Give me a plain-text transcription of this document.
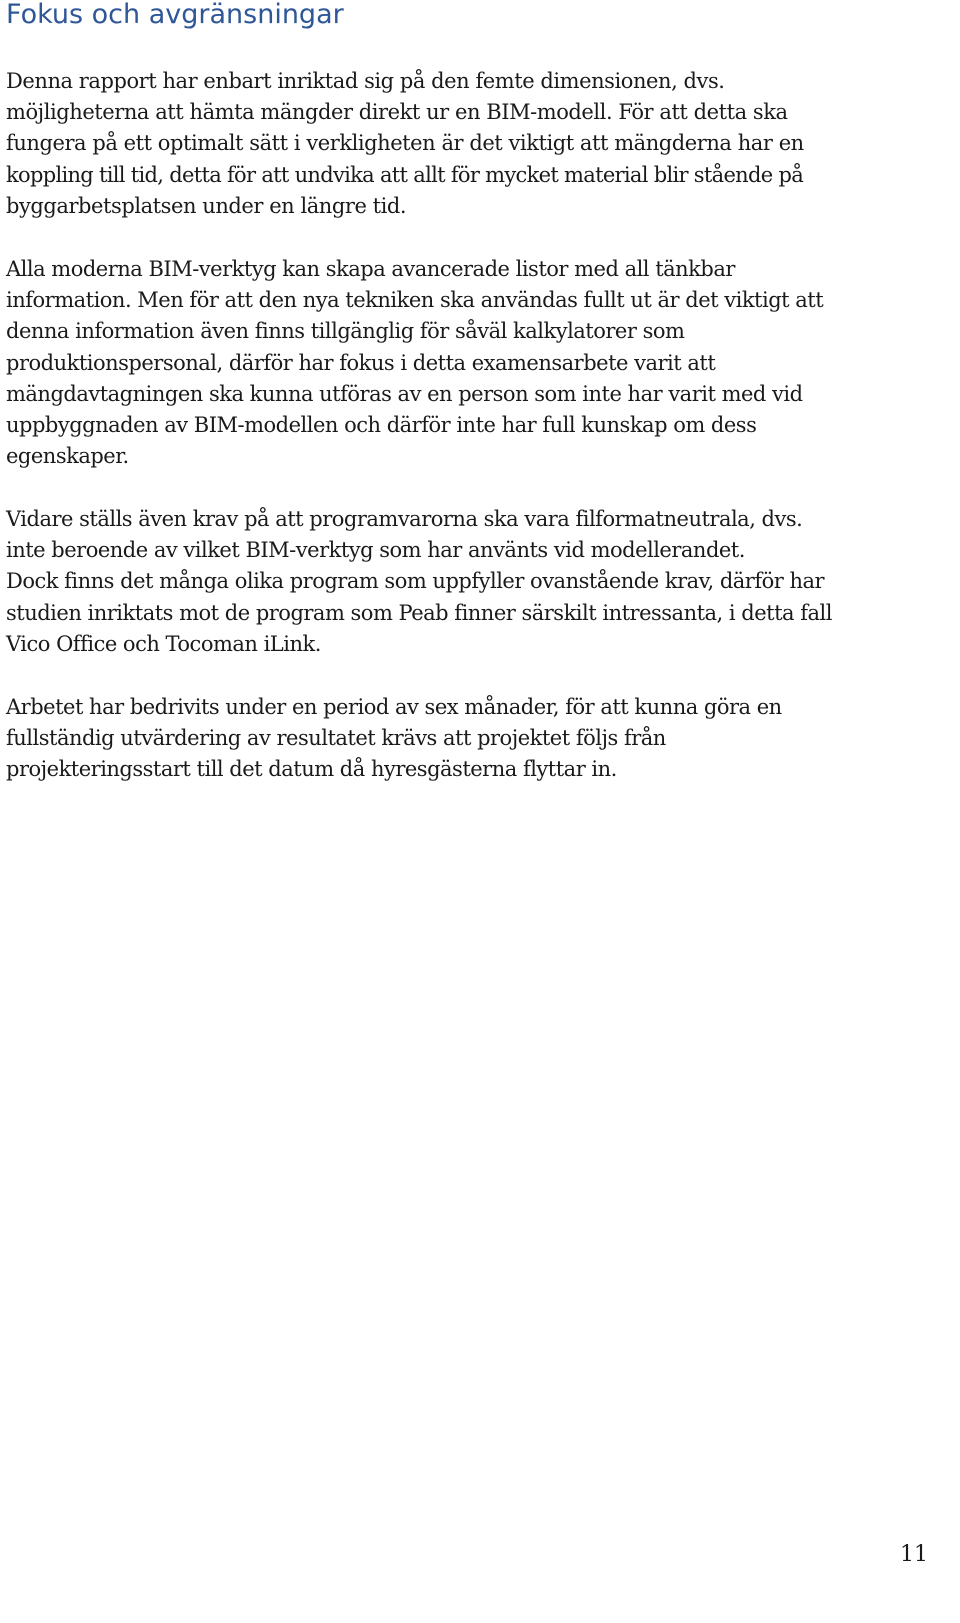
Fokus och avgränsningar

Denna rapport har enbart inriktad sig på den femte dimensionen, dvs.
möjligheterna att hämta mängder direkt ur en BIM-modell. För att detta ska
fungera på ett optimalt sätt i verkligheten är det viktigt att mängderna har en
koppling till tid, detta för att undvika att allt för mycket material blir stående på
byggarbetsplatsen under en längre tid.

Alla moderna BIM-verktyg kan skapa avancerade listor med all tänkbar
information. Men för att den nya tekniken ska användas fullt ut är det viktigt att
denna information även finns tillgänglig för såväl kalkylatorer som
produktionspersonal, därför har fokus i detta examensarbete varit att
mängdavtagningen ska kunna utföras av en person som inte har varit med vid
uppbyggnaden av BIM-modellen och därför inte har full kunskap om dess
egenskaper.

Vidare ställs även krav på att programvarorna ska vara filformatneutrala, dvs.
inte beroende av vilket BIM-verktyg som har använts vid modellerandet.
Dock finns det många olika program som uppfyller ovanstående krav, därför har
studien inriktats mot de program som Peab finner särskilt intressanta, i detta fall
Vico Office och Tocoman iLink.

Arbetet har bedrivits under en period av sex månader, för att kunna göra en
fullständig utvärdering av resultatet krävs att projektet följs från
projekteringsstart till det datum då hyresgästerna flyttar in.

11
